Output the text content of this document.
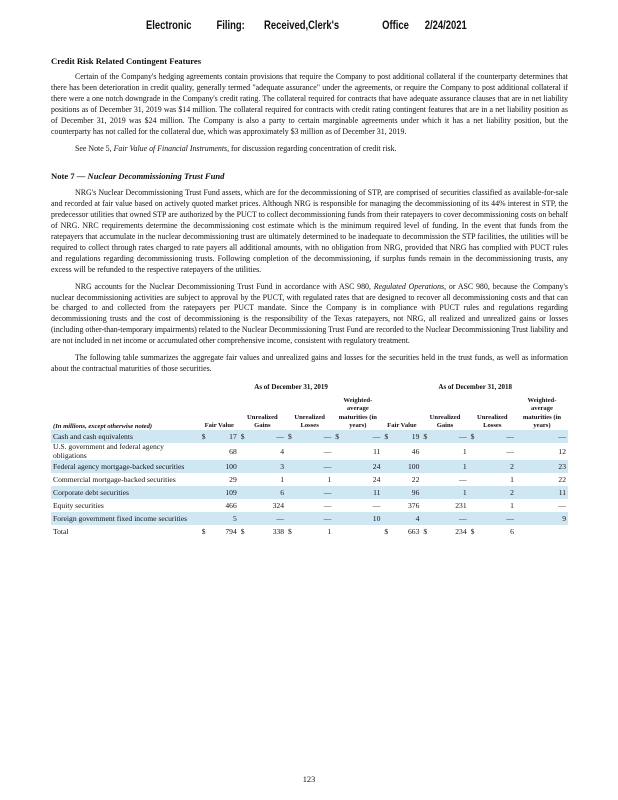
Electronic Filing: Received,Clerk's	Office 2/24/2021

Credit Risk Related Contingent Features

Certain of the Company's hedging agreements contain provisions that require the Company to post additional collateral if the counterparty determines that there has been deterioration in credit quality, generally termed "adequate assurance" under the agreements, or require the Company to post additional collateral if there were a one notch downgrade in the Company's credit rating. The collateral required for contracts that have adequate assurance clauses that are in net liability positions as of December 31, 2019 was $14 million. The collateral required for contracts with credit rating contingent features that are in a net liability position as of December 31, 2019 was $24 million. The Company is also a party to certain marginable agreements under which it has a net liability position, but the counterparty has not called for the collateral due, which was approximately $3 million as of December 31, 2019.

See Note 5, Fair Value of Financial Instruments, for discussion regarding concentration of credit risk.

Note 7 — Nuclear Decommissioning Trust Fund

NRG's Nuclear Decommissioning Trust Fund assets, which are for the decommissioning of STP, are comprised of securities classified as available-for-sale and recorded at fair value based on actively quoted market prices. Although NRG is responsible for managing the decommissioning of its 44% interest in STP, the predecessor utilities that owned STP are authorized by the PUCT to collect decommissioning funds from their ratepayers to cover decommissioning costs on behalf of NRG. NRC requirements determine the decommissioning cost estimate which is the minimum required level of funding. In the event that funds from the ratepayers that accumulate in the nuclear decommissioning trust are ultimately determined to be inadequate to decommission the STP facilities, the utilities will be required to collect through rates charged to rate payers all additional amounts, with no obligation from NRG, provided that NRG has complied with PUCT rules and regulations regarding decommissioning trusts. Following completion of the decommissioning, if surplus funds remain in the decommissioning trusts, any excess will be refunded to the respective ratepayers of the utilities.

NRG accounts for the Nuclear Decommissioning Trust Fund in accordance with ASC 980, Regulated Operations, or ASC 980, because the Company's nuclear decommissioning activities are subject to approval by the PUCT, with regulated rates that are designed to recover all decommissioning costs and that can be charged to and collected from the ratepayers per PUCT mandate. Since the Company is in compliance with PUCT rules and regulations regarding decommissioning trusts and the cost of decommissioning is the responsibility of the Texas ratepayers, not NRG, all realized and unrealized gains or losses (including other-than-temporary impairments) related to the Nuclear Decommissioning Trust Fund are recorded to the Nuclear Decommissioning Trust liability and are not included in net income or accumulated other comprehensive income, consistent with regulatory treatment.

The following table summarizes the aggregate fair values and unrealized gains and losses for the securities held in the trust funds, as well as information about the contractual maturities of those securities.

	As of December 31, 2019								As of December 31, 2018							
(In millions, except otherwise noted)	Fair Value		Unrealized Gains		Unrealized Losses		Weighted-average maturities (in years)		Fair Value		Unrealized Gains		Unrealized Losses		Weighted-average maturities (in years)	
Cash and cash equivalents	$	17	$	—	$	—	$	—	$	19	$	—	$	—		—
U.S. government and federal agency obligations		68		4		—		11		46		1		—		12
Federal agency mortgage-backed securities		100		3		—		24		100		1		2		23
Commercial mortgage-backed securities		29		1		1		24		22		—		1		22
Corporate debt securities		109		6		—		11		96		1		2		11
Equity securities		466		324		—		—		376		231		1		—
Foreign government fixed income securities		5		—		—		10		4		—		—		9
Total	$	794	$	338	$	1			$	663	$	234	$	6		
123
